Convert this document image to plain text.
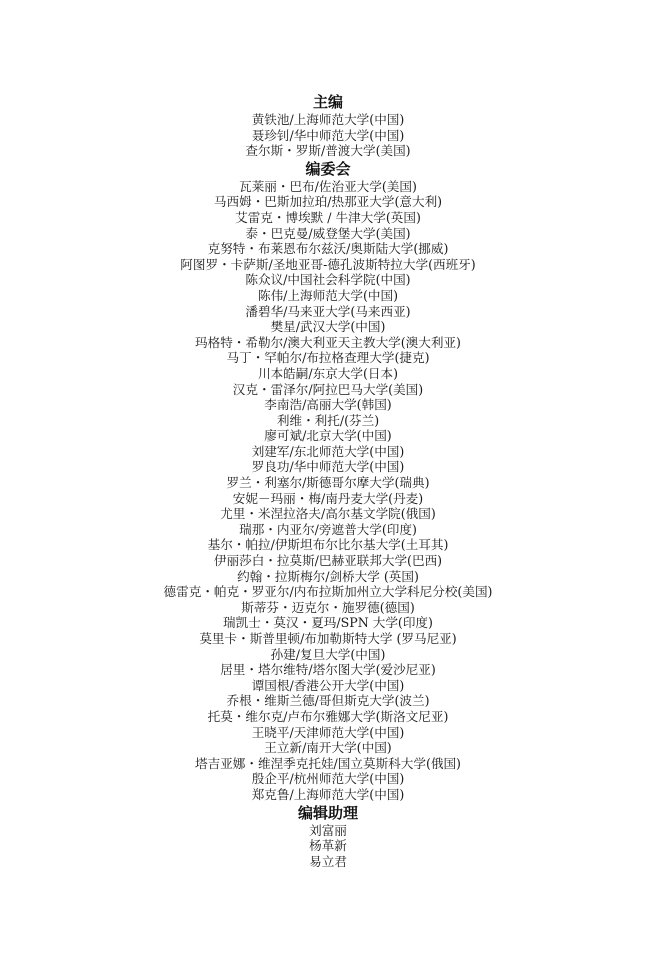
主编
黄铁池/上海师范大学(中国)
聂珍钊/华中师范大学(中国)
查尔斯・罗斯/普渡大学(美国)
编委会
瓦莱丽・巴布/佐治亚大学(美国)
马西姆・巴斯加拉珀/热那亚大学(意大利)
艾雷克・博埃默 / 牛津大学(英国)
泰・巴克曼/威登堡大学(美国)
克努特・布莱恩布尔兹沃/奥斯陆大学(挪威)
阿图罗・卡萨斯/圣地亚哥-德孔波斯特拉大学(西班牙)
陈众议/中国社会科学院(中国)
陈伟/上海师范大学(中国)
潘碧华/马来亚大学(马来西亚)
樊星/武汉大学(中国)
玛格特・希勒尔/澳大利亚天主教大学(澳大利亚)
马丁・罕帕尔/布拉格查理大学(捷克)
川本皓嗣/东京大学(日本)
汉克・雷泽尔/阿拉巴马大学(美国)
李南浩/高丽大学(韩国)
利维・利托/(芬兰)
廖可斌/北京大学(中国)
刘建军/东北师范大学(中国)
罗良功/华中师范大学(中国)
罗兰・利塞尔/斯德哥尔摩大学(瑞典)
安妮－玛丽・梅/南丹麦大学(丹麦)
尤里・米涅拉洛夫/高尔基文学院(俄国)
瑞那・内亚尔/旁遮普大学(印度)
基尔・帕拉/伊斯坦布尔比尔基大学(土耳其)
伊丽莎白・拉莫斯/巴赫亚联邦大学(巴西)
约翰・拉斯梅尔/剑桥大学 (英国)
德雷克・帕克・罗亚尔/内布拉斯加州立大学科尼分校(美国)
斯蒂芬・迈克尔・施罗德(德国)
瑞凯士・莫汉・夏玛/SPN 大学(印度)
莫里卡・斯普里顿/布加勒斯特大学 (罗马尼亚)
孙建/复旦大学(中国)
居里・塔尔维特/塔尔图大学(爱沙尼亚)
谭国根/香港公开大学(中国)
乔根・维斯兰德/哥但斯克大学(波兰)
托莫・维尔克/卢布尔雅娜大学(斯洛文尼亚)
王晓平/天津师范大学(中国)
王立新/南开大学(中国)
塔吉亚娜・维涅季克托娃/国立莫斯科大学(俄国)
殷企平/杭州师范大学(中国)
郑克鲁/上海师范大学(中国)
编辑助理
刘富丽
杨革新
易立君
